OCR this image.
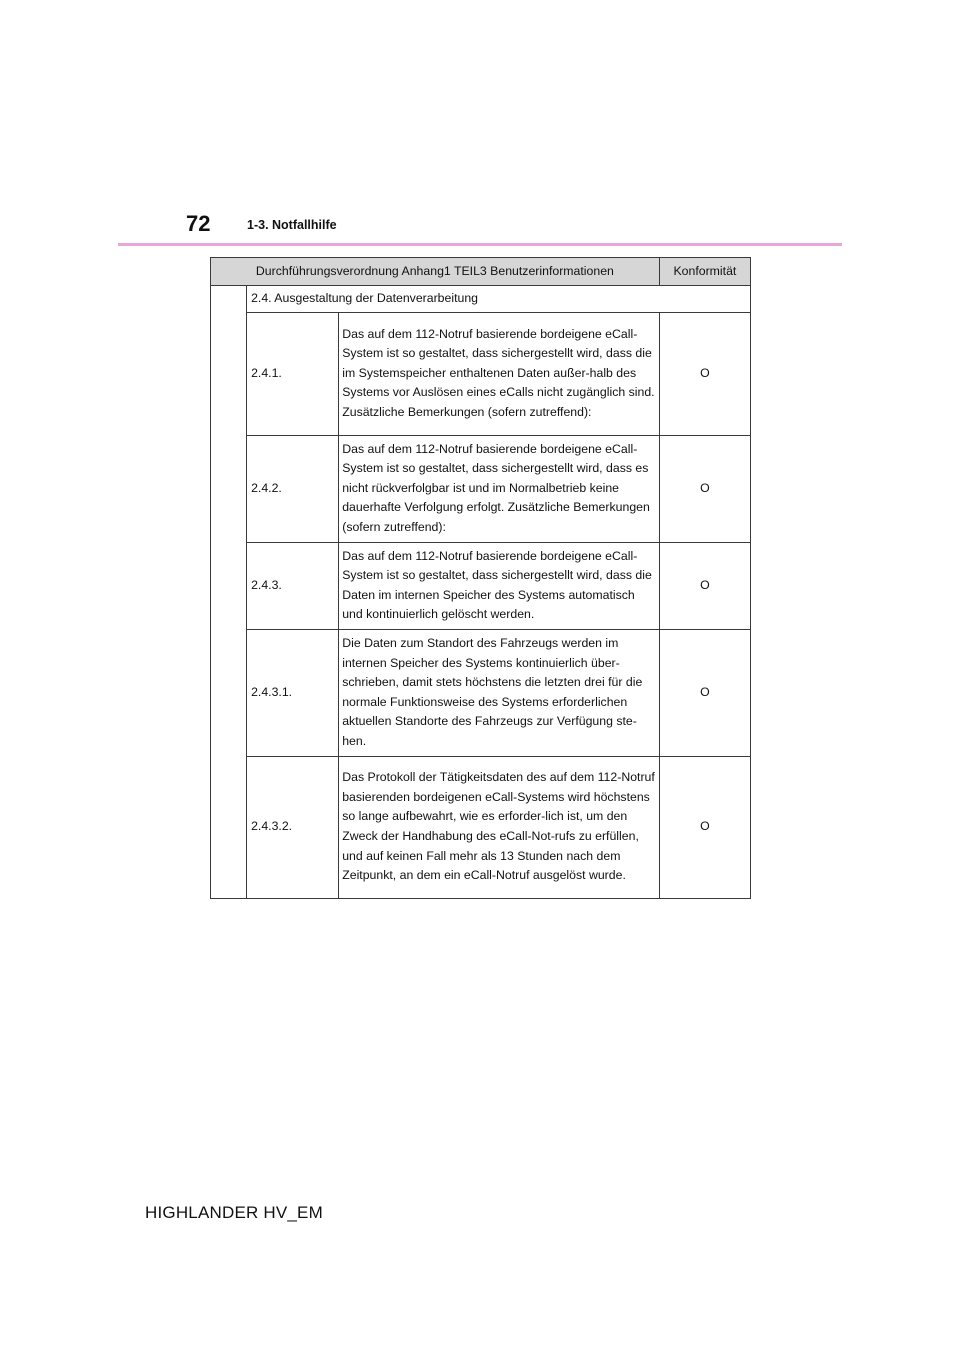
72	1-3. Notfallhilfe
Durchführungsverordnung Anhang1 TEIL3 Benutzerinformationen			Konformität
	2.4. Ausgestaltung der Datenverarbeitung		
	2.4.1.	Das auf dem 112-Notruf basierende bordeigene eCall-System ist so gestaltet, dass sichergestellt wird, dass die im Systemspeicher enthaltenen Daten außer-halb des Systems vor Auslösen eines eCalls nicht zugänglich sind. Zusätzliche Bemerkungen (sofern zutreffend):	O
	2.4.2.	Das auf dem 112-Notruf basierende bordeigene eCall-System ist so gestaltet, dass sichergestellt wird, dass es nicht rückverfolgbar ist und im Normalbetrieb keine dauerhafte Verfolgung erfolgt. Zusätzliche Bemerkungen (sofern zutreffend):	O
	2.4.3.	Das auf dem 112-Notruf basierende bordeigene eCall-System ist so gestaltet, dass sichergestellt wird, dass die Daten im internen Speicher des Systems automatisch und kontinuierlich gelöscht werden.	O
	2.4.3.1.	Die Daten zum Standort des Fahrzeugs werden im internen Speicher des Systems kontinuierlich über-schrieben, damit stets höchstens die letzten drei für die normale Funktionsweise des Systems erforderlichen aktuellen Standorte des Fahrzeugs zur Verfügung ste-hen.	O
	2.4.3.2.	Das Protokoll der Tätigkeitsdaten des auf dem 112-Notruf basierenden bordeigenen eCall-Systems wird höchstens so lange aufbewahrt, wie es erforder-lich ist, um den Zweck der Handhabung des eCall-Not-rufs zu erfüllen, und auf keinen Fall mehr als 13 Stunden nach dem Zeitpunkt, an dem ein eCall-Notruf ausgelöst wurde.	O
HIGHLANDER HV_EM
